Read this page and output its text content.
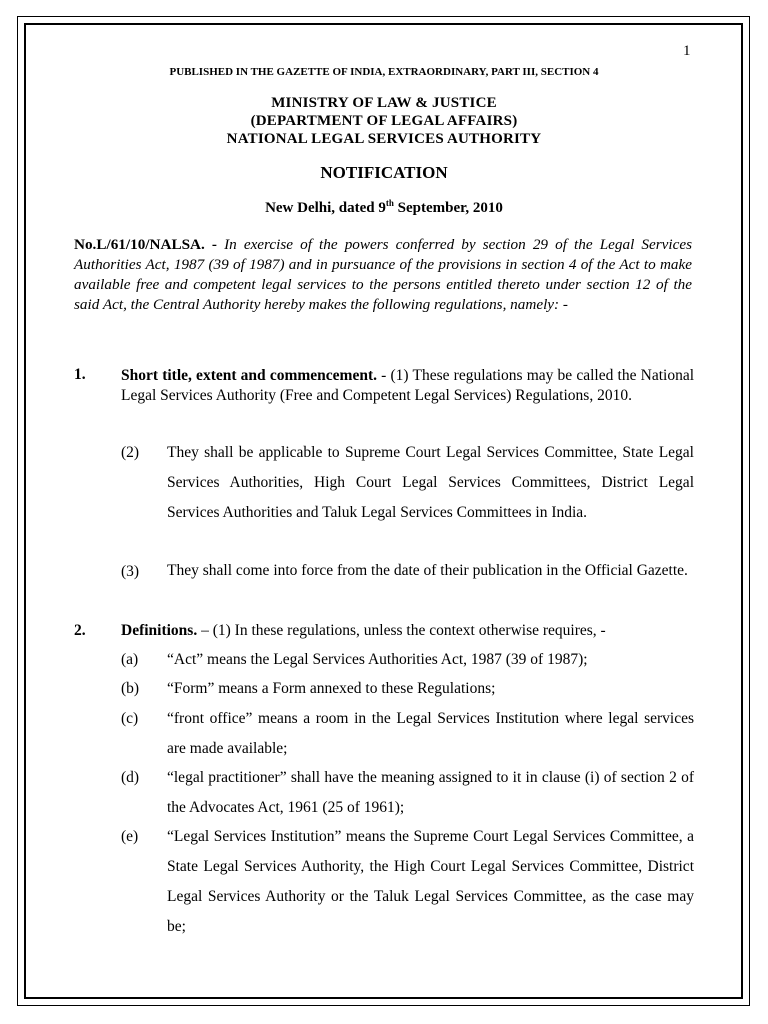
1
PUBLISHED IN THE GAZETTE OF INDIA, EXTRAORDINARY, PART III, SECTION 4
MINISTRY OF LAW & JUSTICE
(DEPARTMENT OF LEGAL AFFAIRS)
NATIONAL LEGAL SERVICES AUTHORITY
NOTIFICATION
New Delhi, dated 9th September, 2010
No.L/61/10/NALSA. - In exercise of the powers conferred by section 29 of the Legal Services Authorities Act, 1987 (39 of 1987) and in pursuance of the provisions in section 4 of the Act to make available free and competent legal services to the persons entitled thereto under section 12 of the said Act, the Central Authority hereby makes the following regulations, namely: -
1. Short title, extent and commencement. - (1) These regulations may be called the National Legal Services Authority (Free and Competent Legal Services) Regulations, 2010.
(2) They shall be applicable to Supreme Court Legal Services Committee, State Legal Services Authorities, High Court Legal Services Committees, District Legal Services Authorities and Taluk Legal Services Committees in India.
(3) They shall come into force from the date of their publication in the Official Gazette.
2. Definitions. – (1) In these regulations, unless the context otherwise requires, -
(a) “Act” means the Legal Services Authorities Act, 1987 (39 of 1987);
(b) “Form” means a Form annexed to these Regulations;
(c) “front office” means a room in the Legal Services Institution where legal services are made available;
(d) “legal practitioner” shall have the meaning assigned to it in clause (i) of section 2 of the Advocates Act, 1961 (25 of 1961);
(e) “Legal Services Institution” means the Supreme Court Legal Services Committee, a State Legal Services Authority, the High Court Legal Services Committee, District Legal Services Authority or the Taluk Legal Services Committee, as the case may be;
